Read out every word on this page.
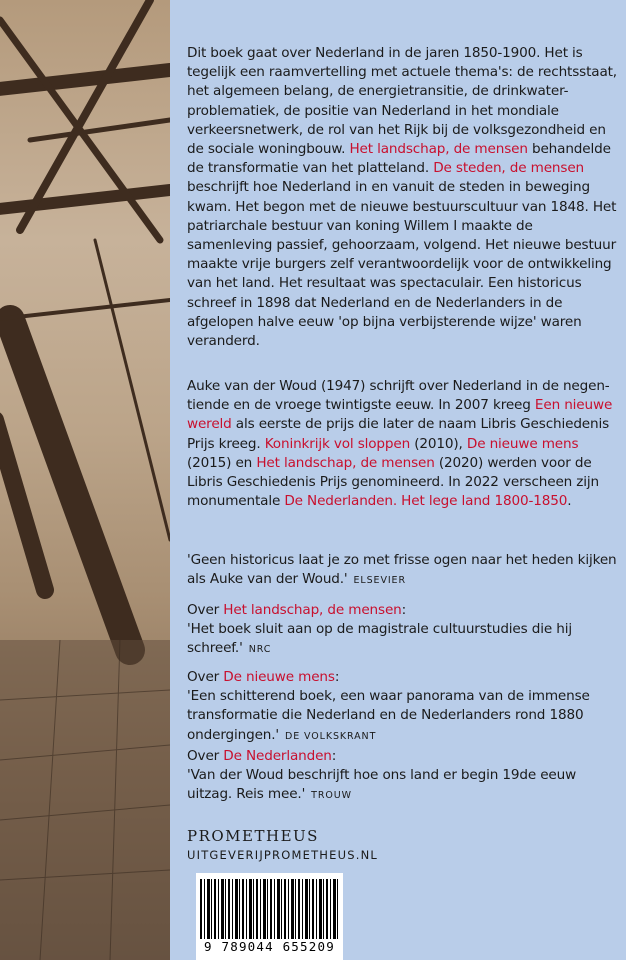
Dit boek gaat over Nederland in de jaren 1850-1900. Het is tegelijk een raamvertelling met actuele thema's: de rechtsstaat, het algemeen belang, de energietransitie, de drinkwater-problematiek, de positie van Nederland in het mondiale verkeersnetwerk, de rol van het Rijk bij de volksgezondheid en de sociale woningbouw. Het landschap, de mensen behandelde de transformatie van het platteland. De steden, de mensen beschrijft hoe Nederland in en vanuit de steden in beweging kwam. Het begon met de nieuwe bestuurscultuur van 1848. Het patriarchale bestuur van koning Willem I maakte de samenleving passief, gehoorzaam, volgend. Het nieuwe bestuur maakte vrije burgers zelf verantwoordelijk voor de ontwikkeling van het land. Het resultaat was spectaculair. Een historicus schreef in 1898 dat Nederland en de Nederlanders in de afgelopen halve eeuw 'op bijna verbijsterende wijze' waren veranderd.

Auke van der Woud (1947) schrijft over Nederland in de negen-tiende en de vroege twintigste eeuw. In 2007 kreeg Een nieuwe wereld als eerste de prijs die later de naam Libris Geschiedenis Prijs kreeg. Koninkrijk vol sloppen (2010), De nieuwe mens (2015) en Het landschap, de mensen (2020) werden voor de Libris Geschiedenis Prijs genomineerd. In 2022 verscheen zijn monumentale De Nederlanden. Het lege land 1800-1850.

'Geen historicus laat je zo met frisse ogen naar het heden kijken als Auke van der Woud.' ELSEVIER

Over Het landschap, de mensen:

'Het boek sluit aan op de magistrale cultuurstudies die hij schreef.' NRC

Over De nieuwe mens:

'Een schitterend boek, een waar panorama van de immense transformatie die Nederland en de Nederlanders rond 1880 ondergingen.' DE VOLKSKRANT

Over De Nederlanden:

'Van der Woud beschrijft hoe ons land er begin 19de eeuw uitzag. Reis mee.' TROUW

PROMETHEUS
UITGEVERIJPROMETHEUS.NL
9 789044 655209
